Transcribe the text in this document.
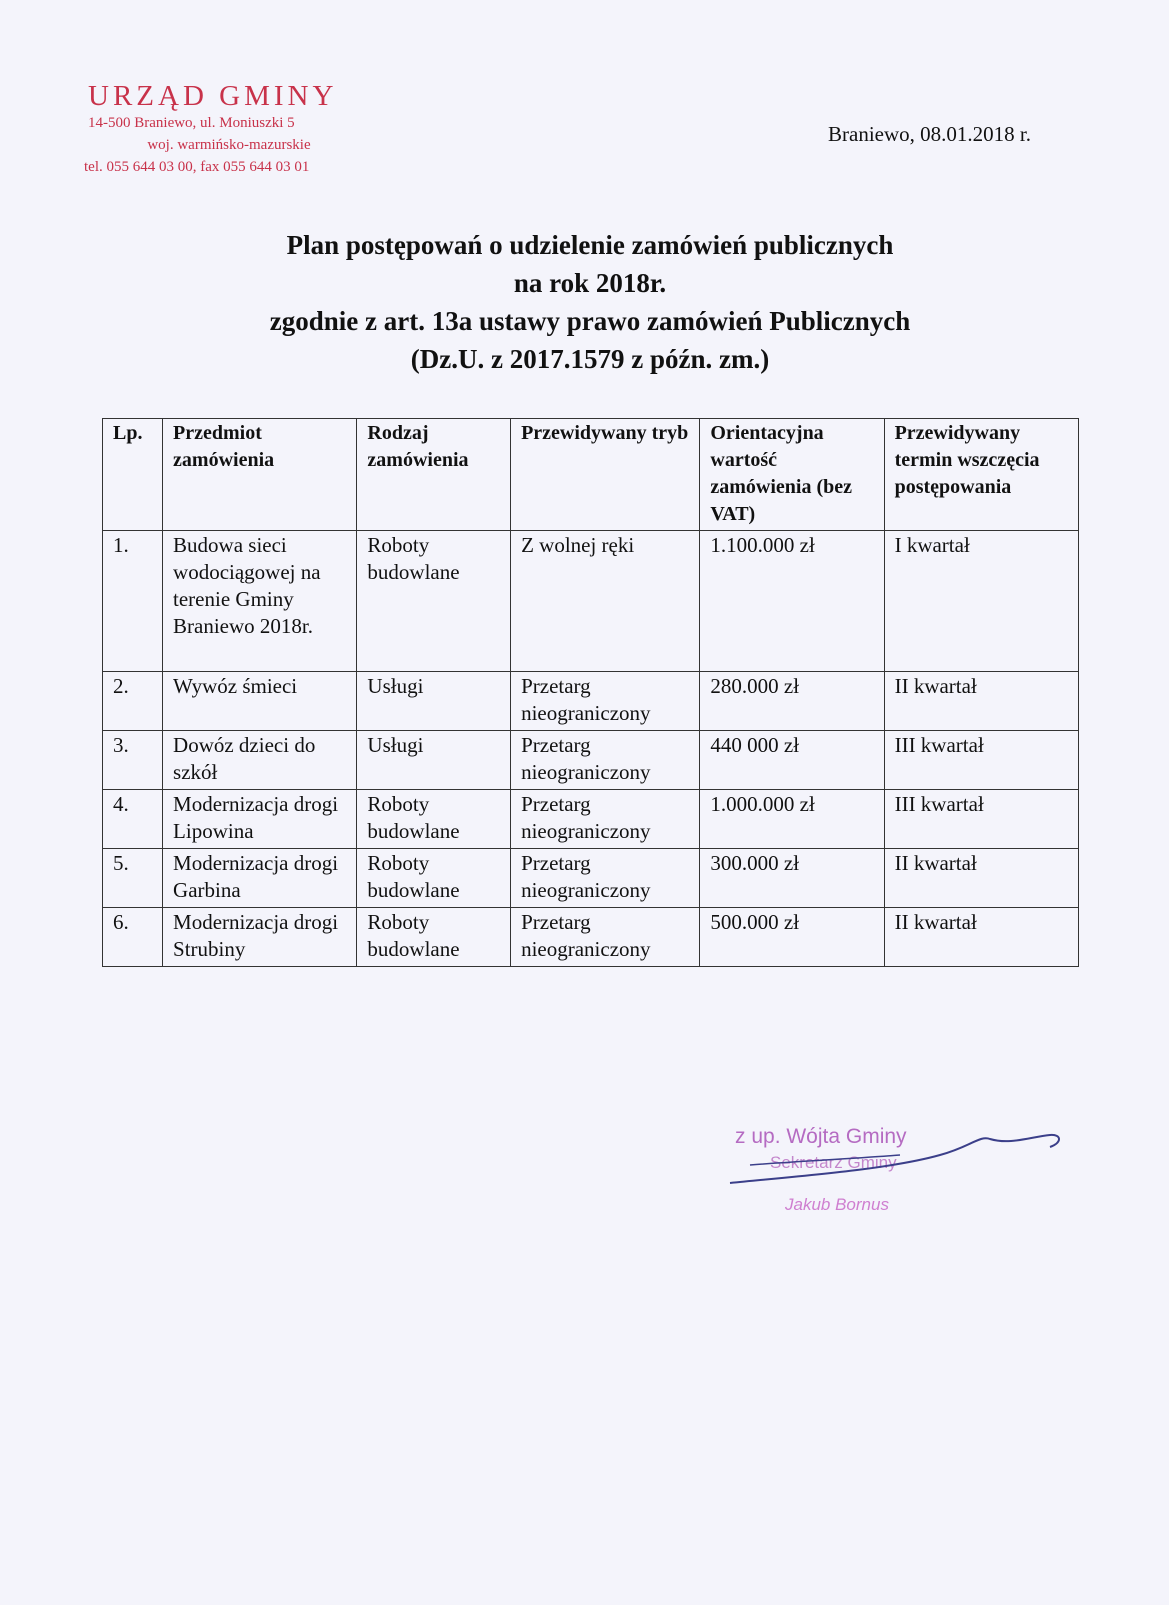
URZĄD GMINY
14-500 Braniewo, ul. Moniuszki 5
woj. warmińsko-mazurskie
tel. 055 644 03 00, fax 055 644 03 01
Braniewo, 08.01.2018 r.
Plan postępowań o udzielenie zamówień publicznych
na rok 2018r.
zgodnie z art. 13a ustawy prawo zamówień Publicznych
(Dz.U. z 2017.1579 z późn. zm.)
Lp.	Przedmiot zamówienia	Rodzaj zamówienia	Przewidywany tryb	Orientacyjna wartość zamówienia (bez VAT)	Przewidywany termin wszczęcia postępowania
1.	Budowa sieci wodociągowej na terenie Gminy Braniewo 2018r.	Roboty budowlane	Z wolnej ręki	1.100.000 zł	I kwartał
2.	Wywóz śmieci	Usługi	Przetarg nieograniczony	280.000 zł	II kwartał
3.	Dowóz dzieci do szkół	Usługi	Przetarg nieograniczony	440 000 zł	III kwartał
4.	Modernizacja drogi Lipowina	Roboty budowlane	Przetarg nieograniczony	1.000.000 zł	III kwartał
5.	Modernizacja drogi Garbina	Roboty budowlane	Przetarg nieograniczony	300.000 zł	II kwartał
6.	Modernizacja drogi Strubiny	Roboty budowlane	Przetarg nieograniczony	500.000 zł	II kwartał
z up. Wójta Gminy
Sekretarz Gminy
Jakub Bornus
